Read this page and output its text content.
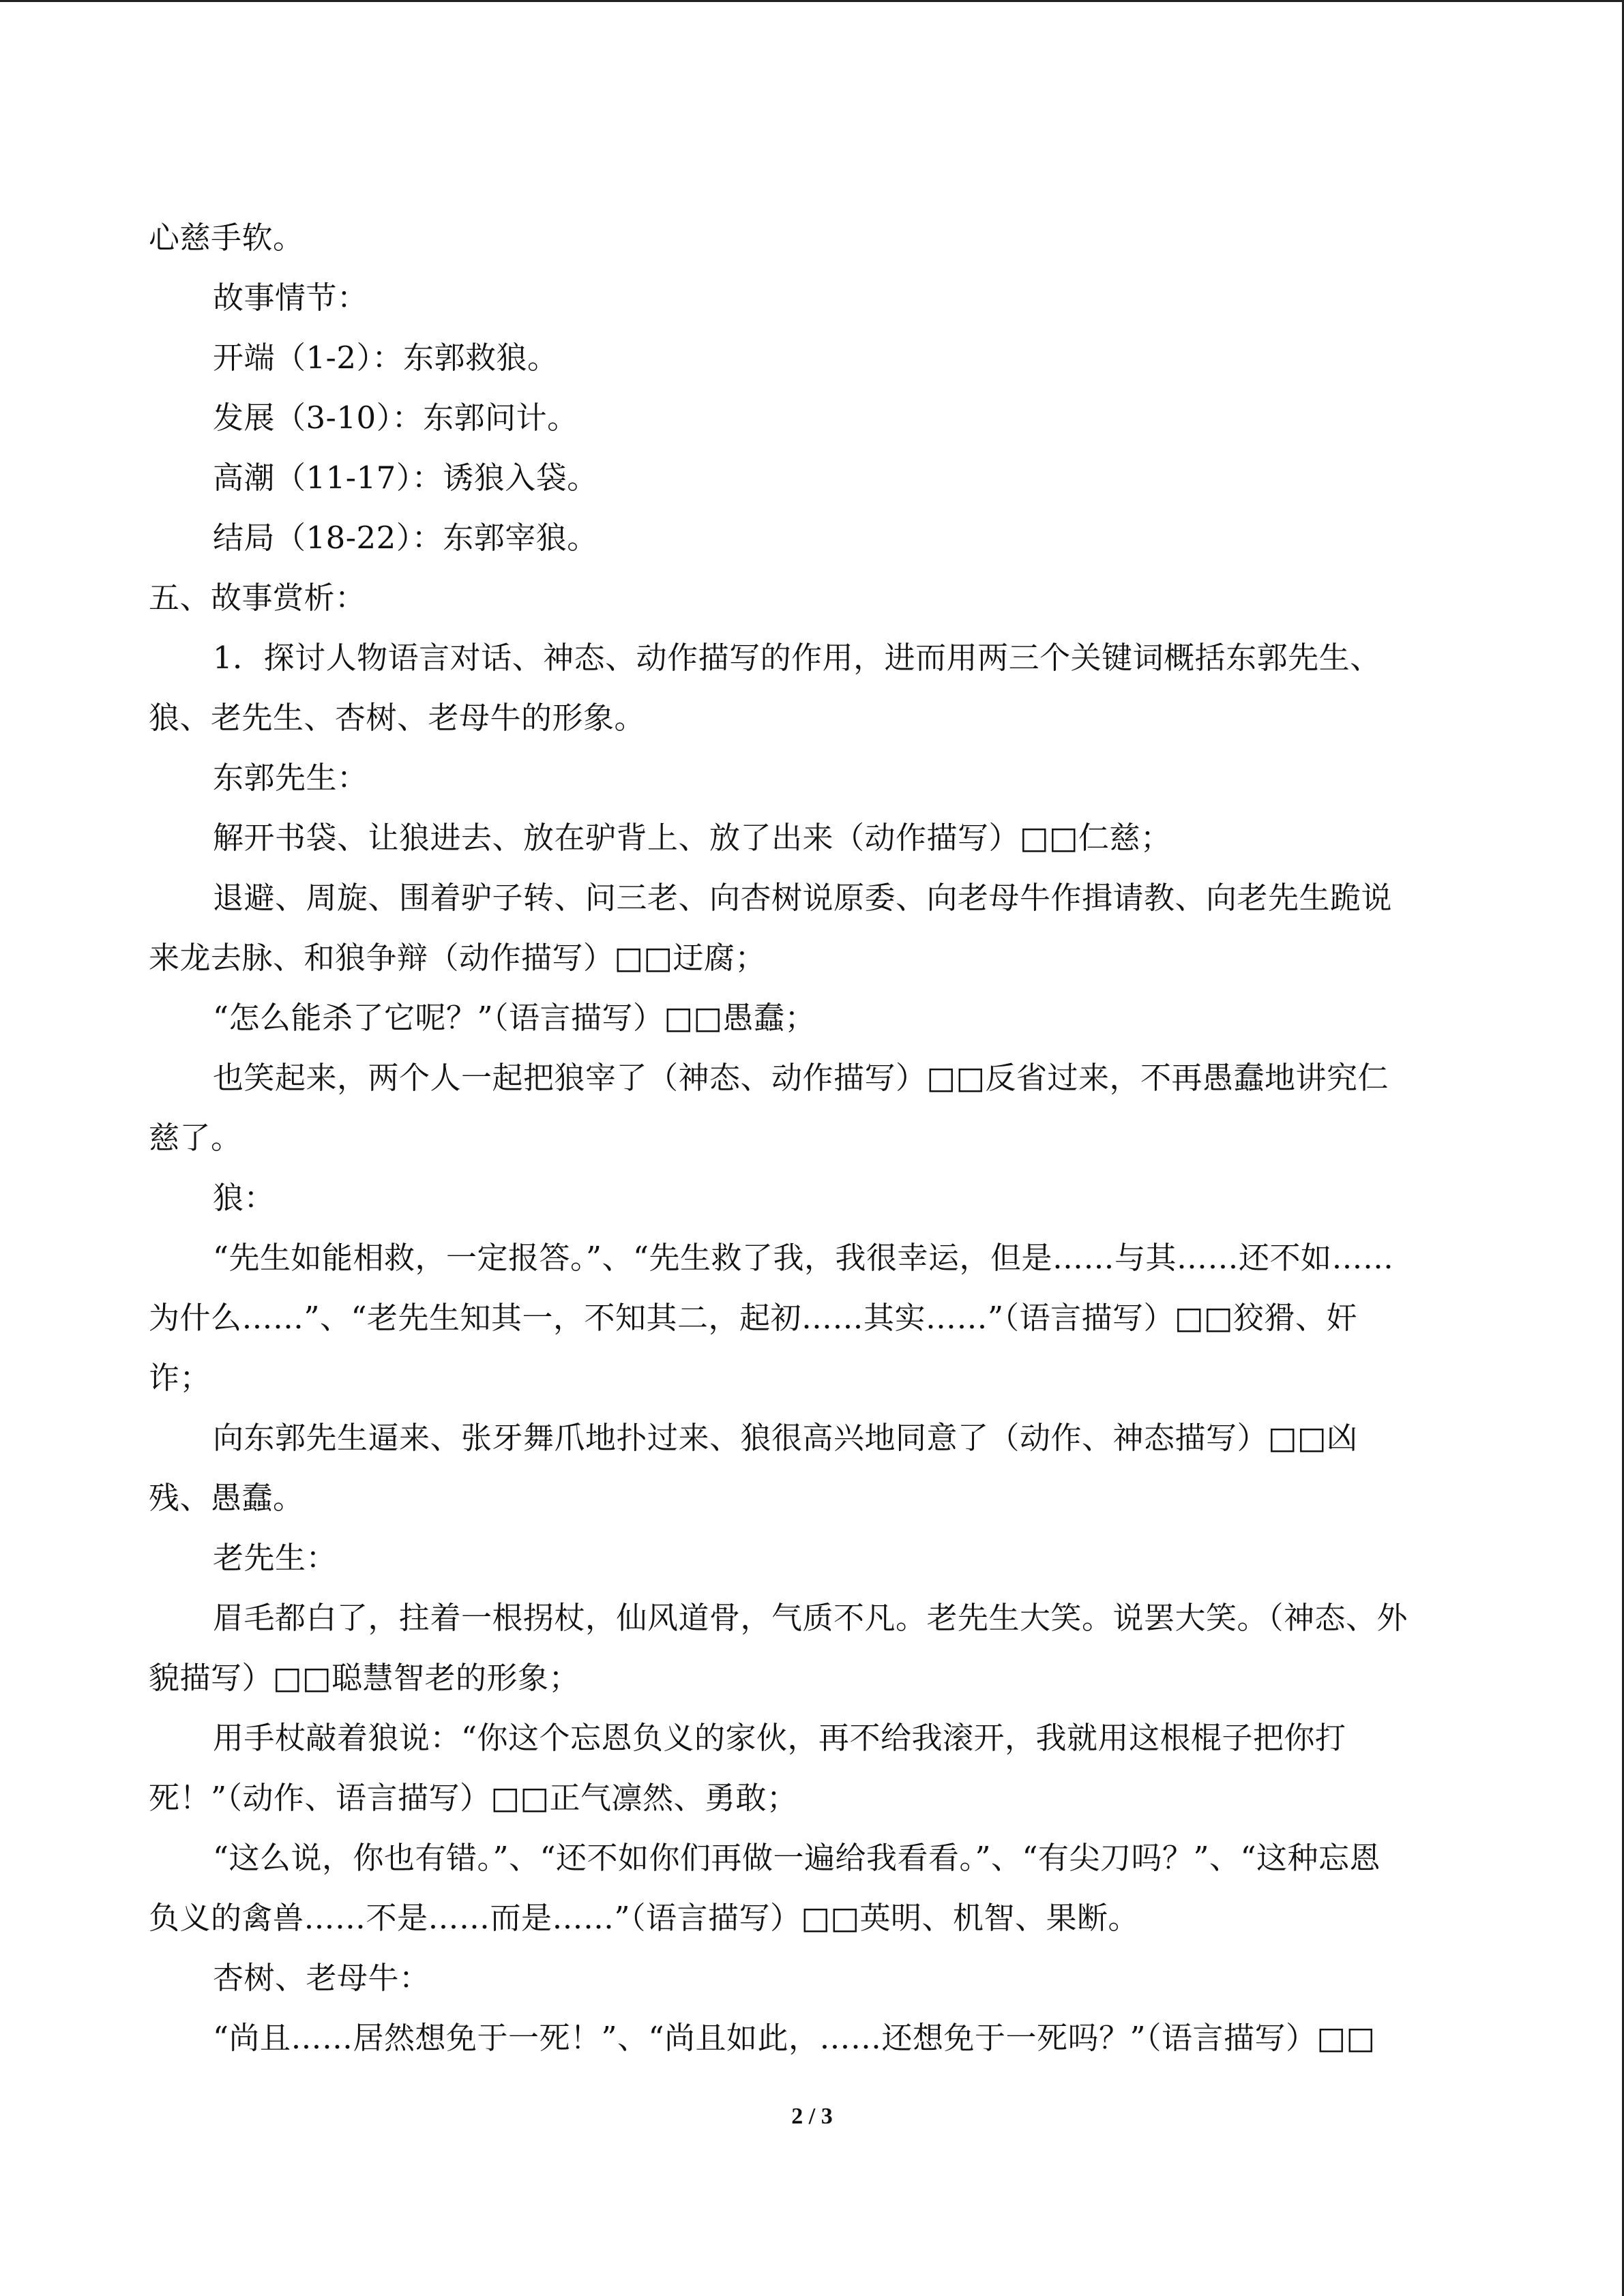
心慈手软。
故事情节：
开端（1-2）：东郭救狼。
发展（3-10）：东郭问计。
高潮（11-17）：诱狼入袋。
结局（18-22）：东郭宰狼。
五、故事赏析：
1．探讨人物语言对话、神态、动作描写的作用，进而用两三个关键词概括东郭先生、
狼、老先生、杏树、老母牛的形象。
东郭先生：
解开书袋、让狼进去、放在驴背上、放了出来（动作描写）□□仁慈；
退避、周旋、围着驴子转、问三老、向杏树说原委、向老母牛作揖请教、向老先生跪说
来龙去脉、和狼争辩（动作描写）□□迂腐；
“怎么能杀了它呢？”（语言描写）□□愚蠢；
也笑起来，两个人一起把狼宰了（神态、动作描写）□□反省过来，不再愚蠢地讲究仁
慈了。
狼：
“先生如能相救，一定报答。”、“先生救了我，我很幸运，但是……与其……还不如……
为什么……”、“老先生知其一，不知其二，起初……其实……”（语言描写）□□狡猾、奸
诈；
向东郭先生逼来、张牙舞爪地扑过来、狼很高兴地同意了（动作、神态描写）□□凶
残、愚蠢。
老先生：
眉毛都白了，拄着一根拐杖，仙风道骨，气质不凡。老先生大笑。说罢大笑。（神态、外
貌描写）□□聪慧智老的形象；
用手杖敲着狼说：“你这个忘恩负义的家伙，再不给我滚开，我就用这根棍子把你打
死！”（动作、语言描写）□□正气凛然、勇敢；
“这么说，你也有错。”、“还不如你们再做一遍给我看看。”、“有尖刀吗？”、“这种忘恩
负义的禽兽……不是……而是……”（语言描写）□□英明、机智、果断。
杏树、老母牛：
“尚且……居然想免于一死！”、“尚且如此，……还想免于一死吗？”（语言描写）□□
2 / 3
